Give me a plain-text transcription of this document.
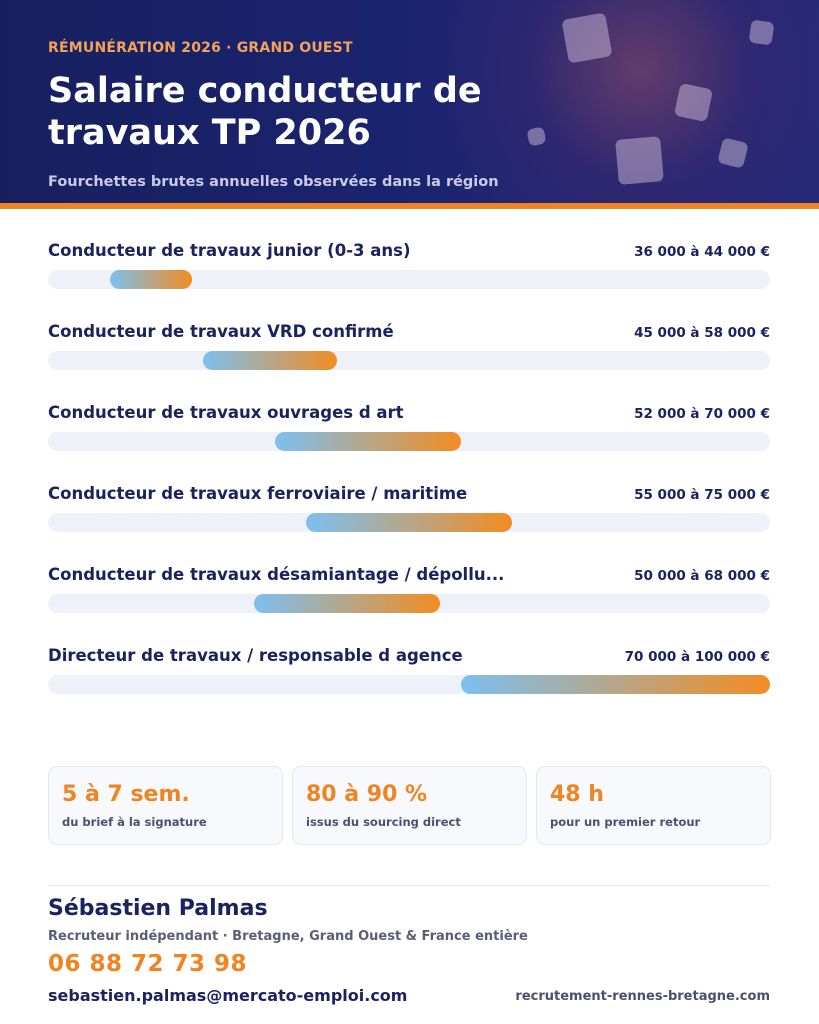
RÉMUNÉRATION 2026 · GRAND OUEST
Salaire conducteur de travaux TP 2026
Fourchettes brutes annuelles observées dans la région
Conducteur de travaux junior (0-3 ans)	36 000 à 44 000 €
Conducteur de travaux VRD confirmé	45 000 à 58 000 €
Conducteur de travaux ouvrages d art	52 000 à 70 000 €
Conducteur de travaux ferroviaire / maritime	55 000 à 75 000 €
Conducteur de travaux désamiantage / dépollu...	50 000 à 68 000 €
Directeur de travaux / responsable d agence	70 000 à 100 000 €
5 à 7 sem.
du brief à la signature
80 à 90 %
issus du sourcing direct
48 h
pour un premier retour
Sébastien Palmas
Recruteur indépendant · Bretagne, Grand Ouest & France entière
06 88 72 73 98
sebastien.palmas@mercato-emploi.com	recrutement-rennes-bretagne.com
